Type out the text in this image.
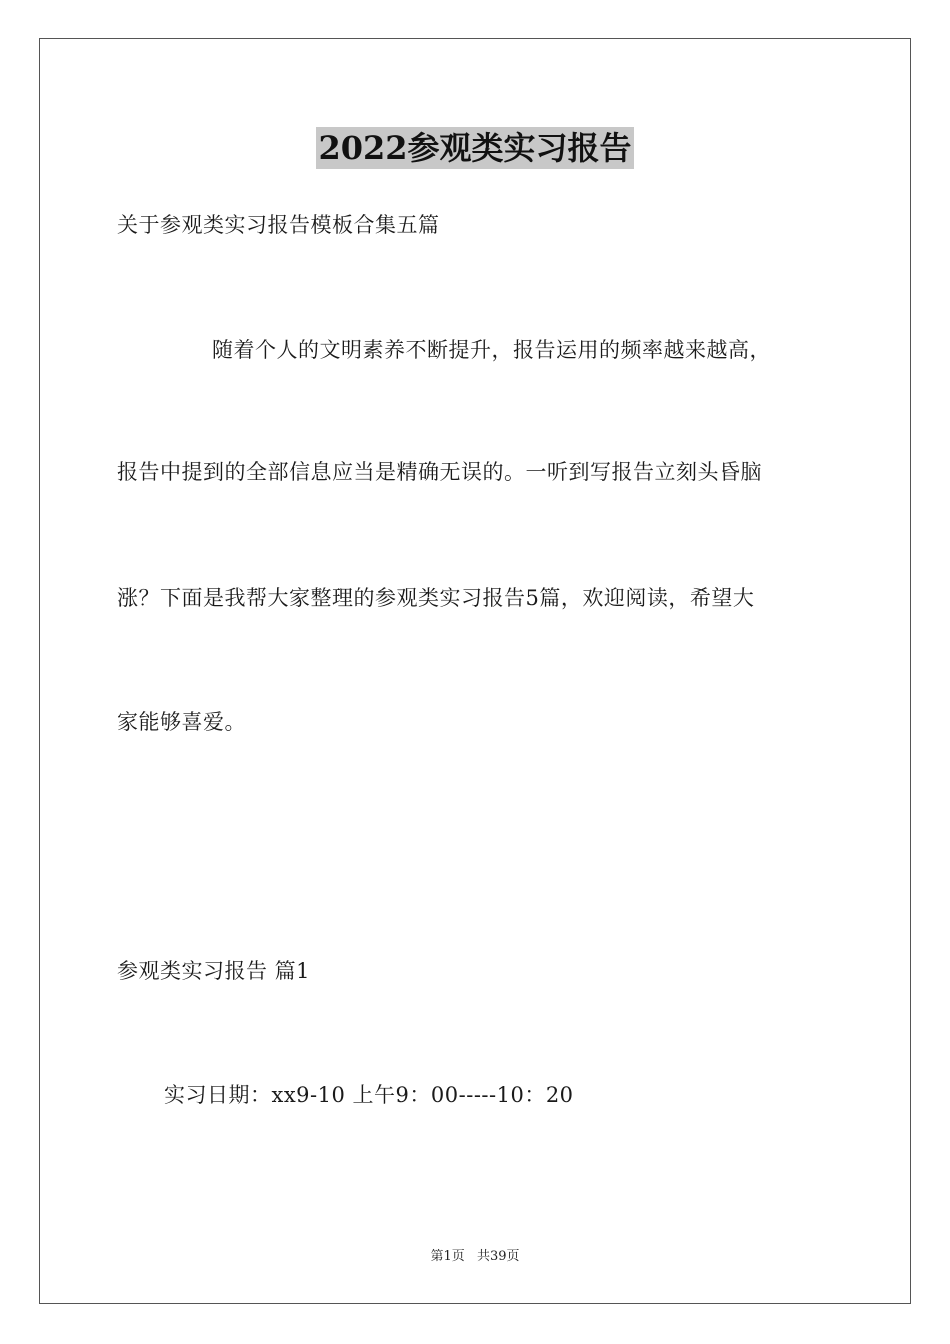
2022参观类实习报告
关于参观类实习报告模板合集五篇
随着个人的文明素养不断提升，报告运用的频率越来越高，
报告中提到的全部信息应当是精确无误的。一听到写报告立刻头昏脑
涨？下面是我帮大家整理的参观类实习报告5篇，欢迎阅读，希望大
家能够喜爱。
参观类实习报告 篇1
实习日期：xx9-10 上午9：00-----10：20
第1页 共39页
